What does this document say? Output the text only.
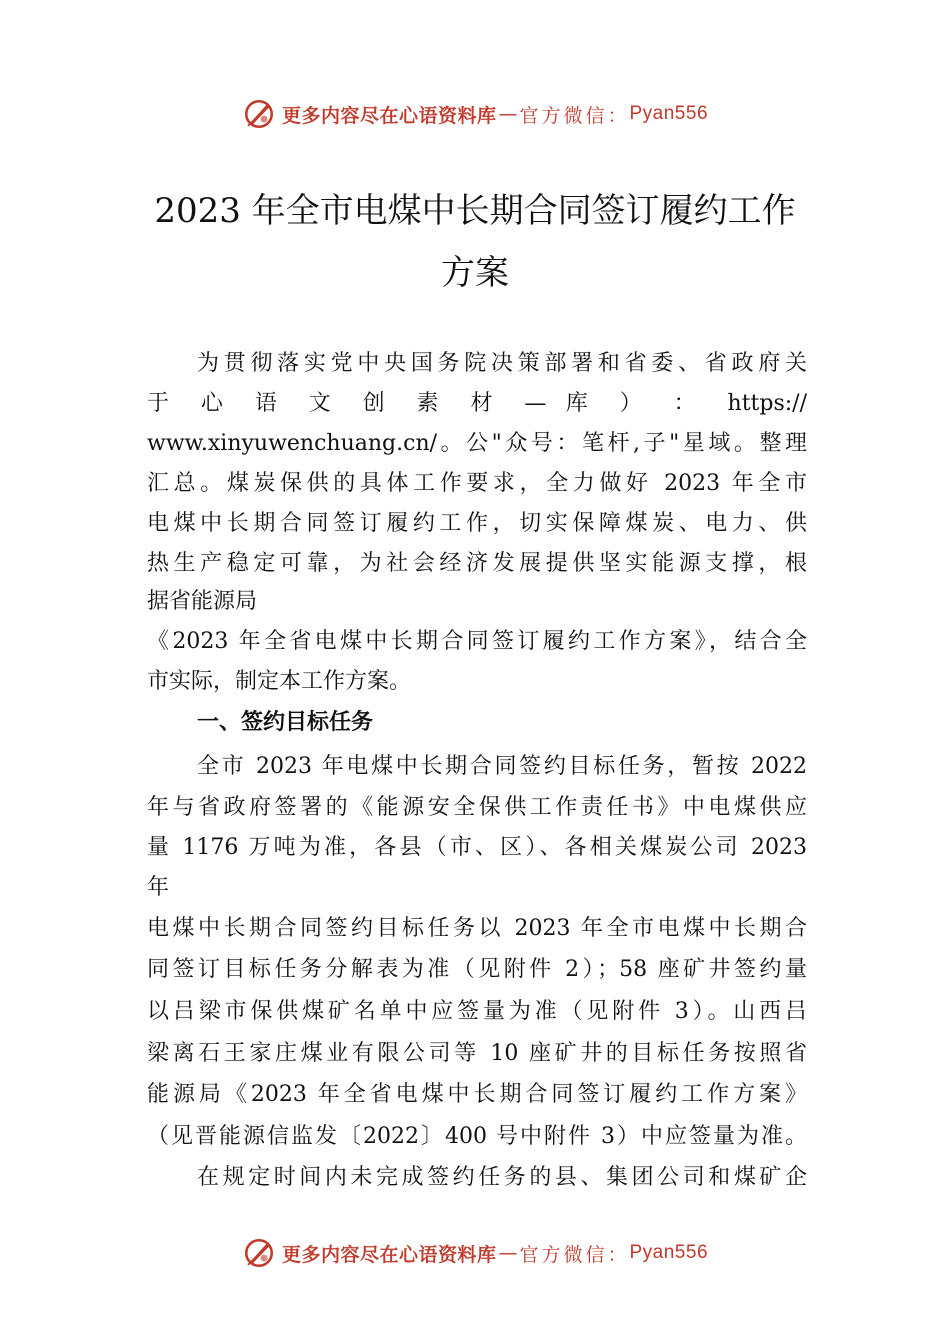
更多内容尽在心语资料库 — 官方微信： Pyan556
2023 年全市电煤中长期合同签订履约工作
方案
为贯彻落实党中央国务院决策部署和省委、省政府关
于 心 语 文 创 素 材 — 库 ） ： https://
www.xinyuwenchuang.cn/。公"众号：笔杆,子"星域。整理
汇总。煤炭保供的具体工作要求，全力做好 2023 年全市
电煤中长期合同签订履约工作，切实保障煤炭、电力、供
热生产稳定可靠，为社会经济发展提供坚实能源支撑，根
据省能源局
《2023 年全省电煤中长期合同签订履约工作方案》，结合全
市实际，制定本工作方案。
一、签约目标任务
全市 2023 年电煤中长期合同签约目标任务，暂按 2022
年与省政府签署的《能源安全保供工作责任书》中电煤供应
量 1176 万吨为准，各县（市、区）、各相关煤炭公司 2023
年
电煤中长期合同签约目标任务以 2023 年全市电煤中长期合
同签订目标任务分解表为准（见附件 2）；58 座矿井签约量
以吕梁市保供煤矿名单中应签量为准（见附件 3）。山西吕
梁离石王家庄煤业有限公司等 10 座矿井的目标任务按照省
能源局《2023 年全省电煤中长期合同签订履约工作方案》
（见晋能源信监发〔2022〕400 号中附件 3）中应签量为准。
在规定时间内未完成签约任务的县、集团公司和煤矿企
更多内容尽在心语资料库 — 官方微信： Pyan556
